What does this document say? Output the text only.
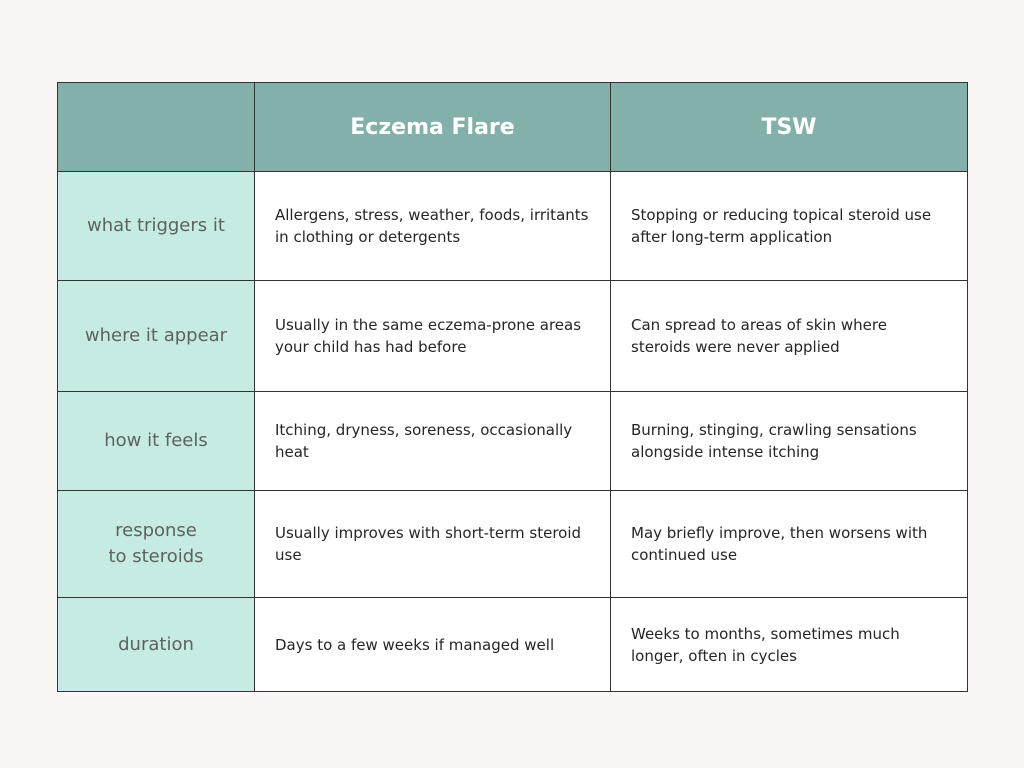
	Eczema Flare	TSW

what triggers it	Allergens, stress, weather, foods, irritants in clothing or detergents	Stopping or reducing topical steroid use after long-term application

where it appear	Usually in the same eczema-prone areas your child has had before	Can spread to areas of skin where steroids were never applied

how it feels	Itching, dryness, soreness, occasionally heat	Burning, stinging, crawling sensations alongside intense itching

response
to steroids	Usually improves with short-term steroid use	May briefly improve, then worsens with continued use

duration	Days to a few weeks if managed well	Weeks to months, sometimes much longer, often in cycles
